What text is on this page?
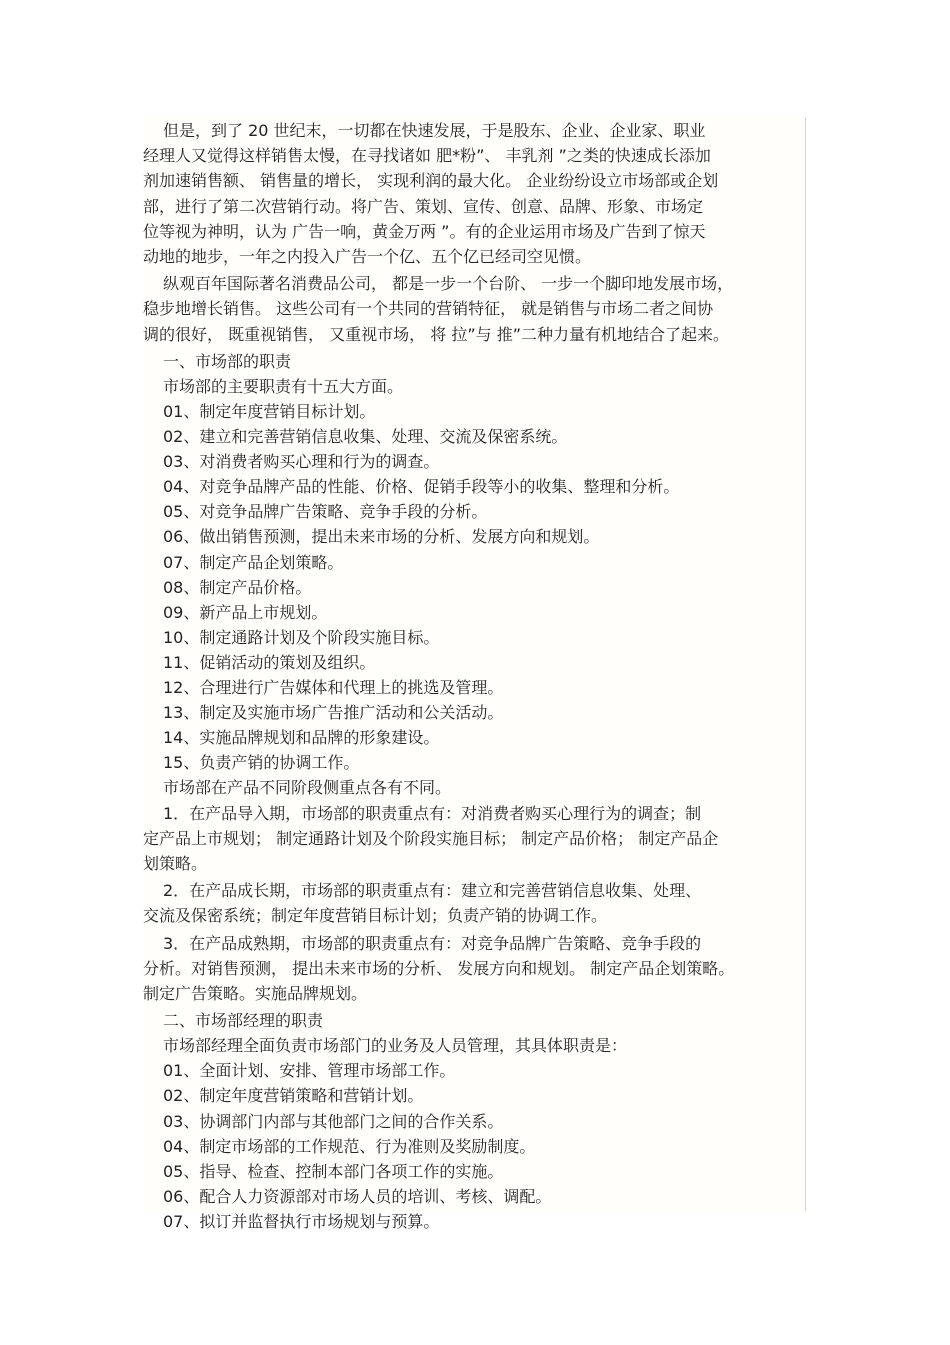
但是，到了 20 世纪末，一切都在快速发展，于是股东、企业、企业家、职业
经理人又觉得这样销售太慢，在寻找诸如 肥*粉”、 丰乳剂 ”之类的快速成长添加
剂加速销售额、 销售量的增长， 实现利润的最大化。 企业纷纷设立市场部或企划
部，进行了第二次营销行动。将广告、策划、宣传、创意、品牌、形象、市场定
位等视为神明，认为 广告一响，黄金万两 ”。有的企业运用市场及广告到了惊天
动地的地步，一年之内投入广告一个亿、五个亿已经司空见惯。
纵观百年国际著名消费品公司， 都是一步一个台阶、 一步一个脚印地发展市场，
稳步地增长销售。 这些公司有一个共同的营销特征， 就是销售与市场二者之间协
调的很好， 既重视销售， 又重视市场， 将 拉”与 推”二种力量有机地结合了起来。
一、市场部的职责
市场部的主要职责有十五大方面。
01、制定年度营销目标计划。
02、建立和完善营销信息收集、处理、交流及保密系统。
03、对消费者购买心理和行为的调查。
04、对竞争品牌产品的性能、价格、促销手段等小的收集、整理和分析。
05、对竞争品牌广告策略、竞争手段的分析。
06、做出销售预测，提出未来市场的分析、发展方向和规划。
07、制定产品企划策略。
08、制定产品价格。
09、新产品上市规划。
10、制定通路计划及个阶段实施目标。
11、促销活动的策划及组织。
12、合理进行广告媒体和代理上的挑选及管理。
13、制定及实施市场广告推广活动和公关活动。
14、实施品牌规划和品牌的形象建设。
15、负责产销的协调工作。
市场部在产品不同阶段侧重点各有不同。
1．在产品导入期，市场部的职责重点有：对消费者购买心理行为的调查；制
定产品上市规划； 制定通路计划及个阶段实施目标； 制定产品价格； 制定产品企
划策略。
2．在产品成长期，市场部的职责重点有：建立和完善营销信息收集、处理、
交流及保密系统；制定年度营销目标计划；负责产销的协调工作。
3．在产品成熟期，市场部的职责重点有：对竞争品牌广告策略、竞争手段的
分析。对销售预测， 提出未来市场的分析、 发展方向和规划。 制定产品企划策略。
制定广告策略。实施品牌规划。
二、市场部经理的职责
市场部经理全面负责市场部门的业务及人员管理，其具体职责是：
01、全面计划、安排、管理市场部工作。
02、制定年度营销策略和营销计划。
03、协调部门内部与其他部门之间的合作关系。
04、制定市场部的工作规范、行为准则及奖励制度。
05、指导、检查、控制本部门各项工作的实施。
06、配合人力资源部对市场人员的培训、考核、调配。
07、拟订并监督执行市场规划与预算。
